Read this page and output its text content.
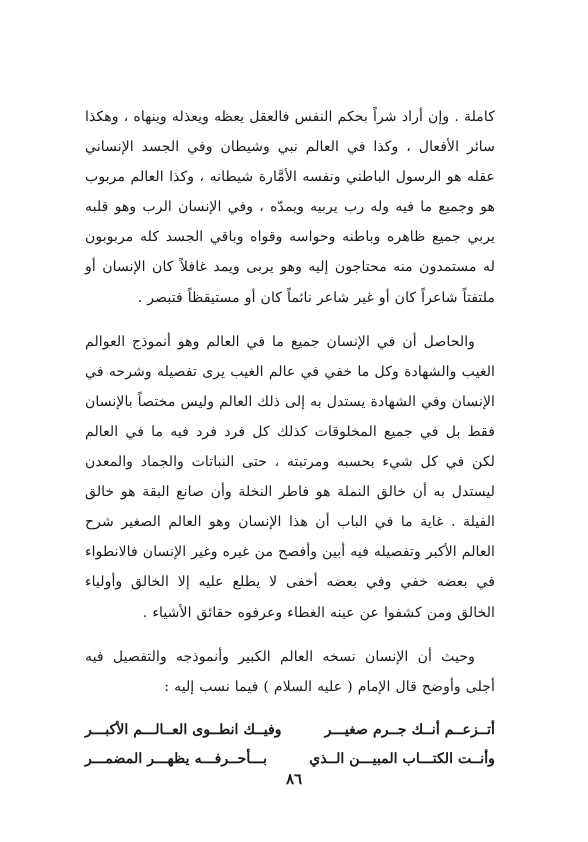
كاملة . وإن أراد شراً بحكم النفس فالعقل يعظه ويعذله وينهاه ، وهكذا سائر الأفعال ، وكذا في العالم نبي وشيطان وفي الجسد الإنساني عقله هو الرسول الباطني ونفسه الأمَّارة شيطانه ، وكذا العالم مربوب هو وجميع ما فيه وله رب يربيه ويمدّه ، وفي الإنسان الرب وهو قلبه يربي جميع ظاهره وباطنه وحواسه وقواه وباقي الجسد كله مربوبون له مستمدون منه محتاجون إليه وهو يربى ويمد غافلاً كان الإنسان أو ملتفتاً شاعراً كان أو غير شاعر نائماً كان أو مستيقظاً فتبصر .

والحاصل أن في الإنسان جميع ما في العالم وهو أنموذج العوالم الغيب والشهادة وكل ما خفي في عالم الغيب يرى تفصيله وشرحه في الإنسان وفي الشهادة يستدل به إلى ذلك العالم وليس مختصاً بالإنسان فقط بل في جميع المخلوقات كذلك كل فرد فرد فيه ما في العالم لكن في كل شيء بحسبه ومرتبته ، حتى النباتات والجماد والمعدن ليستدل به أن خالق النملة هو فاطر النخلة وأن صانع البقة هو خالق الفيلة . غاية ما في الباب أن هذا الإنسان وهو العالم الصغير شرح العالم الأكبر وتفصيله فيه أبين وأفصح من غيره وغير الإنسان فالانطواء في بعضه خفي وفي بعضه أخفى لا يطلع عليه إلا الخالق وأولياء الخالق ومن كشفوا عن عينه الغطاء وعرفوه حقائق الأشياء .

وحيث أن الإنسان نسخه العالم الكبير وأنموذجه والتفصيل فيه أجلى وأوضح قال الإمام ( عليه السلام ) فيما نسب إليه :

أتــزعــم أنــك جــرم صغيـــر
وفيــك انطــوى العــالـــم الأكبـــر
وأنــت الكتـــاب المبيـــن الــذي
بـــأحــرفـــه يظهـــر المضمـــر
٨٦
